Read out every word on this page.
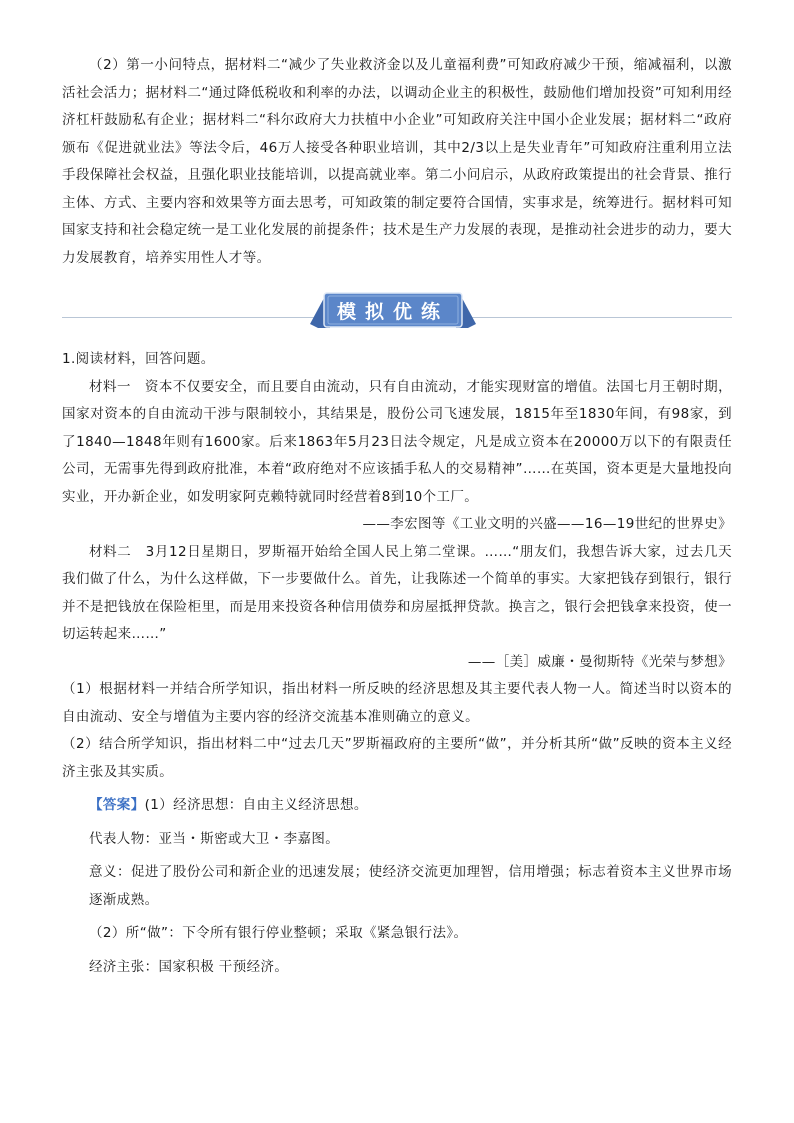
（2）第一小问特点，据材料二“减少了失业救济金以及儿童福利费”可知政府减少干预，缩减福利，以激活社会活力；据材料二“通过降低税收和利率的办法，以调动企业主的积极性，鼓励他们增加投资”可知利用经济杠杆鼓励私有企业；据材料二“科尔政府大力扶植中小企业”可知政府关注中国小企业发展；据材料二“政府颁布《促进就业法》等法令后，46万人接受各种职业培训，其中2/3以上是失业青年”可知政府注重利用立法手段保障社会权益，且强化职业技能培训，以提高就业率。第二小问启示，从政府政策提出的社会背景、推行主体、方式、主要内容和效果等方面去思考，可知政策的制定要符合国情，实事求是，统筹进行。据材料可知国家支持和社会稳定统一是工业化发展的前提条件；技术是生产力发展的表现，是推动社会进步的动力，要大力发展教育，培养实用性人才等。

模拟优练

1.阅读材料，回答问题。

材料一　资本不仅要安全，而且要自由流动，只有自由流动，才能实现财富的增值。法国七月王朝时期，国家对资本的自由流动干涉与限制较小，其结果是，股份公司飞速发展，1815年至1830年间，有98家，到了1840—1848年则有1600家。后来1863年5月23日法令规定，凡是成立资本在20000万以下的有限责任公司，无需事先得到政府批准，本着“政府绝对不应该插手私人的交易精神”……在英国，资本更是大量地投向实业，开办新企业，如发明家阿克赖特就同时经营着8到10个工厂。

——李宏图等《工业文明的兴盛——16—19世纪的世界史》

材料二　3月12日星期日，罗斯福开始给全国人民上第二堂课。……“朋友们，我想告诉大家，过去几天我们做了什么，为什么这样做，下一步要做什么。首先，让我陈述一个简单的事实。大家把钱存到银行，银行并不是把钱放在保险柜里，而是用来投资各种信用债券和房屋抵押贷款。换言之，银行会把钱拿来投资，使一切运转起来……”

——［美］威廉・曼彻斯特《光荣与梦想》

（1）根据材料一并结合所学知识，指出材料一所反映的经济思想及其主要代表人物一人。简述当时以资本的自由流动、安全与增值为主要内容的经济交流基本准则确立的意义。

（2）结合所学知识，指出材料二中“过去几天”罗斯福政府的主要所“做”，并分析其所“做”反映的资本主义经济主张及其实质。

【答案】(1）经济思想：自由主义经济思想。

代表人物：亚当・斯密或大卫・李嘉图。

意义：促进了股份公司和新企业的迅速发展；使经济交流更加理智，信用增强；标志着资本主义世界市场逐渐成熟。

（2）所“做”：下令所有银行停业整顿；采取《紧急银行法》。

经济主张：国家积极 干预经济。
